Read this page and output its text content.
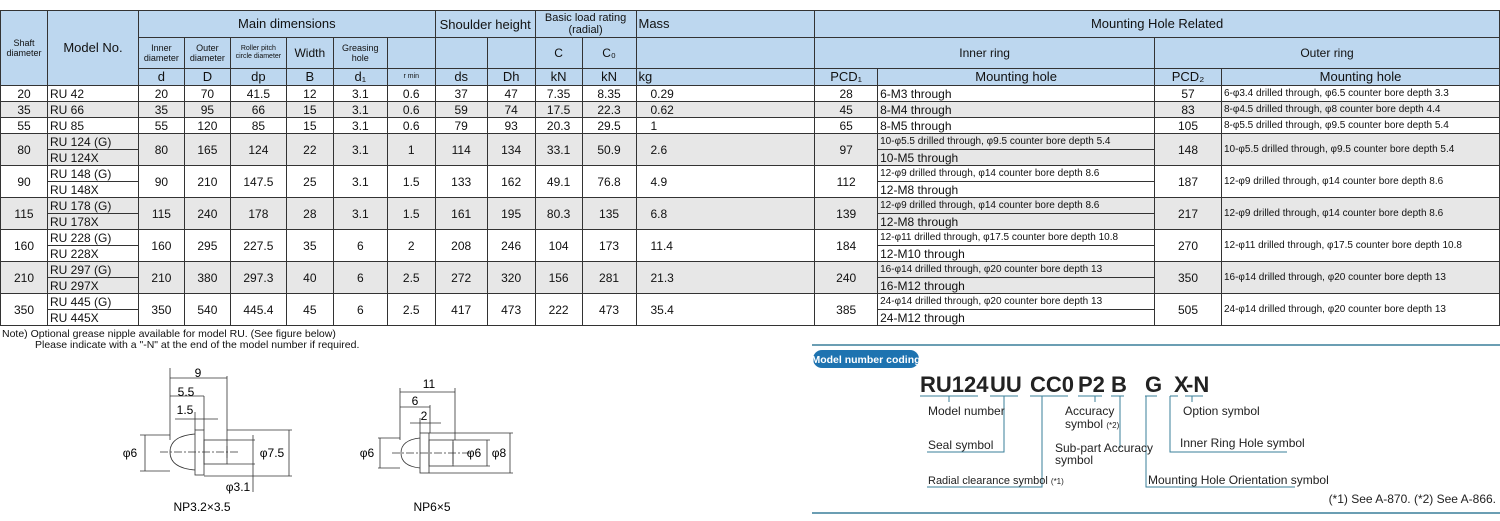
Shaft diameter	Model No.	Main dimensions						Shoulder height		Basic load rating (radial)		Mass	Mounting Hole Related			
		Inner diameter	Outer diameter	Roller pitch circle diameter	Width	Greasing hole				C	C₀		Inner ring		Outer ring	
		d	D	dp	B	d₁	r min	ds	Dh	kN	kN	kg	PCD₁	Mounting hole	PCD₂	Mounting hole
20	RU 42	20	70	41.5	12	3.1	0.6	37	47	7.35	8.35	0.29	28	6-M3 through	57	6-φ3.4 drilled through, φ6.5 counter bore depth 3.3
35	RU 66	35	95	66	15	3.1	0.6	59	74	17.5	22.3	0.62	45	8-M4 through	83	8-φ4.5 drilled through, φ8 counter bore depth 4.4
55	RU 85	55	120	85	15	3.1	0.6	79	93	20.3	29.5	1	65	8-M5 through	105	8-φ5.5 drilled through, φ9.5 counter bore depth 5.4
80	RU 124 (G)	80	165	124	22	3.1	1	114	134	33.1	50.9	2.6	97	10-φ5.5 drilled through, φ9.5 counter bore depth 5.4	148	10-φ5.5 drilled through, φ9.5 counter bore depth 5.4
	RU 124X													10-M5 through		
90	RU 148 (G)	90	210	147.5	25	3.1	1.5	133	162	49.1	76.8	4.9	112	12-φ9 drilled through, φ14 counter bore depth 8.6	187	12-φ9 drilled through, φ14 counter bore depth 8.6
	RU 148X													12-M8 through		
115	RU 178 (G)	115	240	178	28	3.1	1.5	161	195	80.3	135	6.8	139	12-φ9 drilled through, φ14 counter bore depth 8.6	217	12-φ9 drilled through, φ14 counter bore depth 8.6
	RU 178X													12-M8 through		
160	RU 228 (G)	160	295	227.5	35	6	2	208	246	104	173	11.4	184	12-φ11 drilled through, φ17.5 counter bore depth 10.8	270	12-φ11 drilled through, φ17.5 counter bore depth 10.8
	RU 228X													12-M10 through		
210	RU 297 (G)	210	380	297.3	40	6	2.5	272	320	156	281	21.3	240	16-φ14 drilled through, φ20 counter bore depth 13	350	16-φ14 drilled through, φ20 counter bore depth 13
	RU 297X													16-M12 through		
350	RU 445 (G)	350	540	445.4	45	6	2.5	417	473	222	473	35.4	385	24-φ14 drilled through, φ20 counter bore depth 13	505	24-φ14 drilled through, φ20 counter bore depth 13
	RU 445X													24-M12 through		
Note) Optional grease nipple available for model RU. (See figure below)
Please indicate with a "-N" at the end of the model number if required.
9
5.5
1.5
φ6	φ7.5
φ3.1
NP3.2×3.5
11
6
2
φ6	φ6 φ8
NP6×5
Model number coding
RU124 UU CC0 P2 B G X
-N
Model number
Seal symbol
Radial clearance symbol (*1)
Accuracy
symbol (*2)
Sub-part Accuracy
symbol
Option symbol
Inner Ring Hole symbol
Mounting Hole Orientation symbol
(*1) See A-870. (*2) See A-866.
